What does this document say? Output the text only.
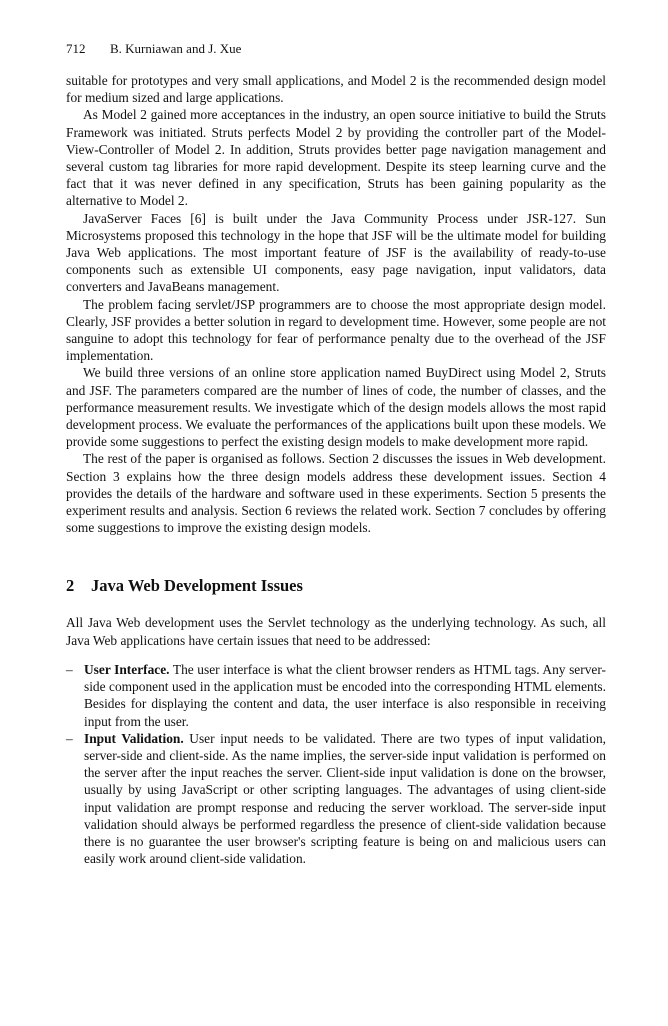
712 B. Kurniawan and J. Xue

suitable for prototypes and very small applications, and Model 2 is the recommended design model for medium sized and large applications.

As Model 2 gained more acceptances in the industry, an open source initiative to build the Struts Framework was initiated. Struts perfects Model 2 by providing the controller part of the Model-View-Controller of Model 2. In addition, Struts provides better page navigation management and several custom tag libraries for more rapid development. Despite its steep learning curve and the fact that it was never defined in any specification, Struts has been gaining popularity as the alternative to Model 2.

JavaServer Faces [6] is built under the Java Community Process under JSR-127. Sun Microsystems proposed this technology in the hope that JSF will be the ultimate model for building Java Web applications. The most important feature of JSF is the availability of ready-to-use components such as extensible UI components, easy page navigation, input validators, data converters and JavaBeans management.

The problem facing servlet/JSP programmers are to choose the most appropriate design model. Clearly, JSF provides a better solution in regard to development time. However, some people are not sanguine to adopt this technology for fear of performance penalty due to the overhead of the JSF implementation.

We build three versions of an online store application named BuyDirect using Model 2, Struts and JSF. The parameters compared are the number of lines of code, the number of classes, and the performance measurement results. We investigate which of the design models allows the most rapid development process. We evaluate the performances of the applications built upon these models. We provide some suggestions to perfect the existing design models to make development more rapid.

The rest of the paper is organised as follows. Section 2 discusses the issues in Web development. Section 3 explains how the three design models address these development issues. Section 4 provides the details of the hardware and software used in these experiments. Section 5 presents the experiment results and analysis. Section 6 reviews the related work. Section 7 concludes by offering some suggestions to improve the existing design models.

2 Java Web Development Issues

All Java Web development uses the Servlet technology as the underlying technology. As such, all Java Web applications have certain issues that need to be addressed:

– User Interface. The user interface is what the client browser renders as HTML tags. Any server-side component used in the application must be encoded into the corresponding HTML elements. Besides for displaying the content and data, the user interface is also responsible in receiving input from the user.
– Input Validation. User input needs to be validated. There are two types of input validation, server-side and client-side. As the name implies, the server-side input validation is performed on the server after the input reaches the server. Client-side input validation is done on the browser, usually by using JavaScript or other scripting languages. The advantages of using client-side input validation are prompt response and reducing the server workload. The server-side input validation should always be performed regardless the presence of client-side validation because there is no guarantee the user browser's scripting feature is being on and malicious users can easily work around client-side validation.
